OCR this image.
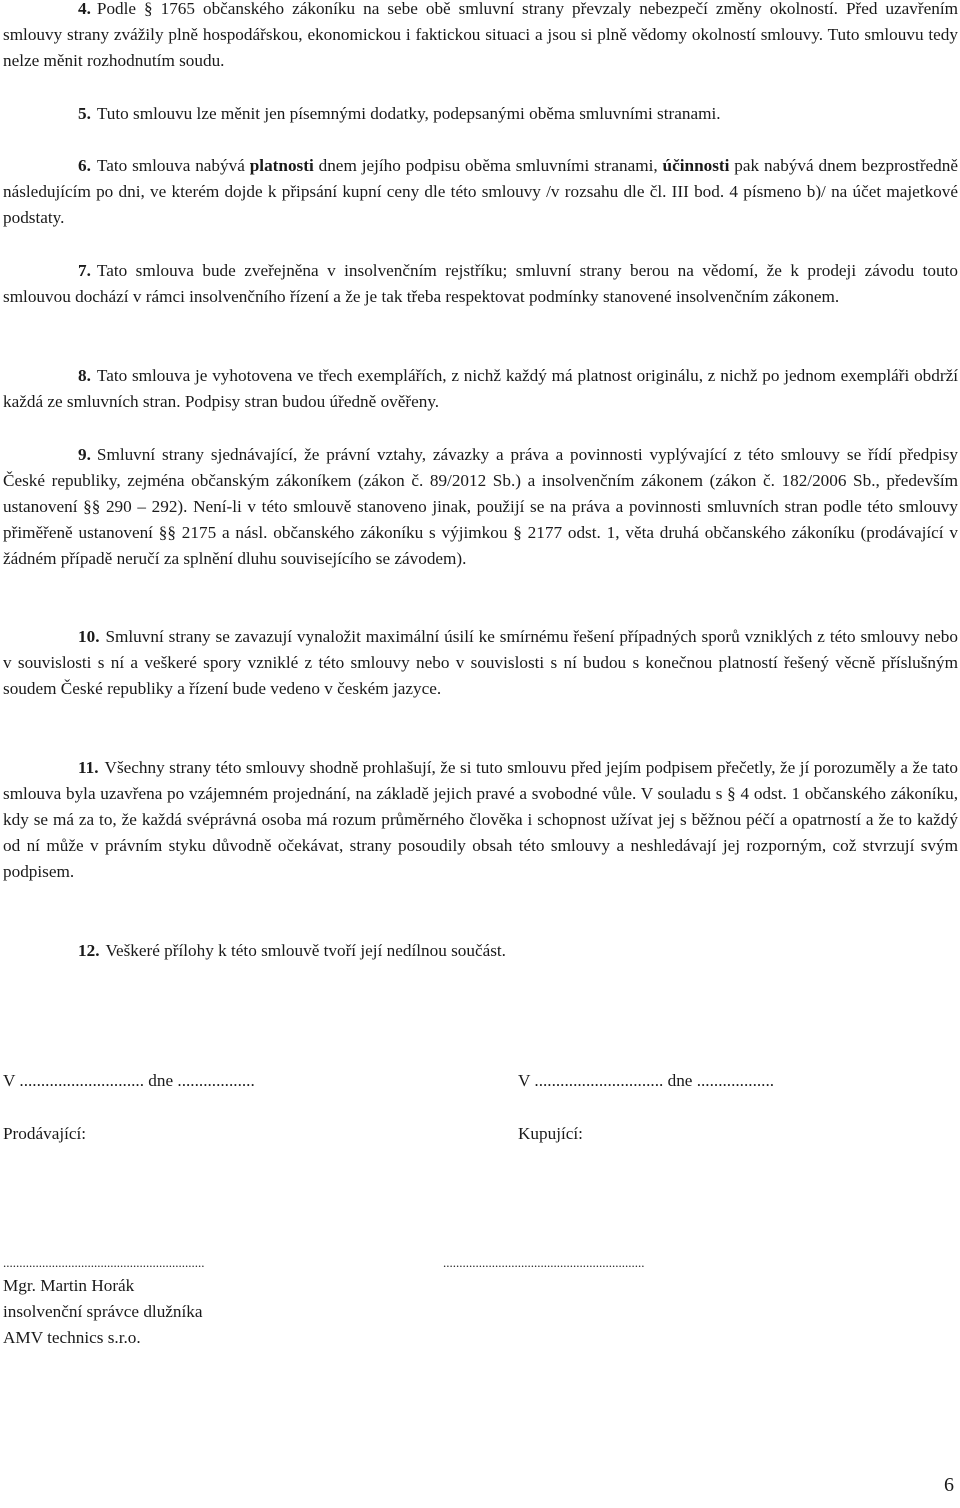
4. Podle § 1765 občanského zákoníku na sebe obě smluvní strany převzaly nebezpečí změny okolností. Před uzavřením smlouvy strany zvážily plně hospodářskou, ekonomickou i faktickou situaci a jsou si plně vědomy okolností smlouvy. Tuto smlouvu tedy nelze měnit rozhodnutím soudu.

5. Tuto smlouvu lze měnit jen písemnými dodatky, podepsanými oběma smluvními stranami.

6. Tato smlouva nabývá platnosti dnem jejího podpisu oběma smluvními stranami, účinnosti pak nabývá dnem bezprostředně následujícím po dni, ve kterém dojde k připsání kupní ceny dle této smlouvy /v rozsahu dle čl. III bod. 4 písmeno b)/ na účet majetkové podstaty.

7. Tato smlouva bude zveřejněna v insolvenčním rejstříku; smluvní strany berou na vědomí, že k prodeji závodu touto smlouvou dochází v rámci insolvenčního řízení a že je tak třeba respektovat podmínky stanovené insolvenčním zákonem.

8. Tato smlouva je vyhotovena ve třech exemplářích, z nichž každý má platnost originálu, z nichž po jednom exempláři obdrží každá ze smluvních stran. Podpisy stran budou úředně ověřeny.

9. Smluvní strany sjednávající, že právní vztahy, závazky a práva a povinnosti vyplývající z této smlouvy se řídí předpisy České republiky, zejména občanským zákoníkem (zákon č. 89/2012 Sb.) a insolvenčním zákonem (zákon č. 182/2006 Sb., především ustanovení §§ 290 – 292). Není-li v této smlouvě stanoveno jinak, použijí se na práva a povinnosti smluvních stran podle této smlouvy přiměřeně ustanovení §§ 2175 a násl. občanského zákoníku s výjimkou § 2177 odst. 1, věta druhá občanského zákoníku (prodávající v žádném případě neručí za splnění dluhu souvisejícího se závodem).

10. Smluvní strany se zavazují vynaložit maximální úsilí ke smírnému řešení případných sporů vzniklých z této smlouvy nebo v souvislosti s ní a veškeré spory vzniklé z této smlouvy nebo v souvislosti s ní budou s konečnou platností řešený věcně příslušným soudem České republiky a řízení bude vedeno v českém jazyce.

11. Všechny strany této smlouvy shodně prohlašují, že si tuto smlouvu před jejím podpisem přečetly, že jí porozuměly a že tato smlouva byla uzavřena po vzájemném projednání, na základě jejich pravé a svobodné vůle. V souladu s § 4 odst. 1 občanského zákoníku, kdy se má za to, že každá svéprávná osoba má rozum průměrného člověka i schopnost užívat jej s běžnou péčí a opatrností a že to každý od ní může v právním styku důvodně očekávat, strany posoudily obsah této smlouvy a neshledávají jej rozporným, což stvrzují svým podpisem.

12. Veškeré přílohy k této smlouvě tvoří její nedílnou součást.

V ............................. dne ..................	V .............................. dne ..................
Prodávající:	Kupující:
..............................................................	..............................................................
Mgr. Martin Horák
insolvenční správce dlužníka
AMV technics s.r.o.
6
